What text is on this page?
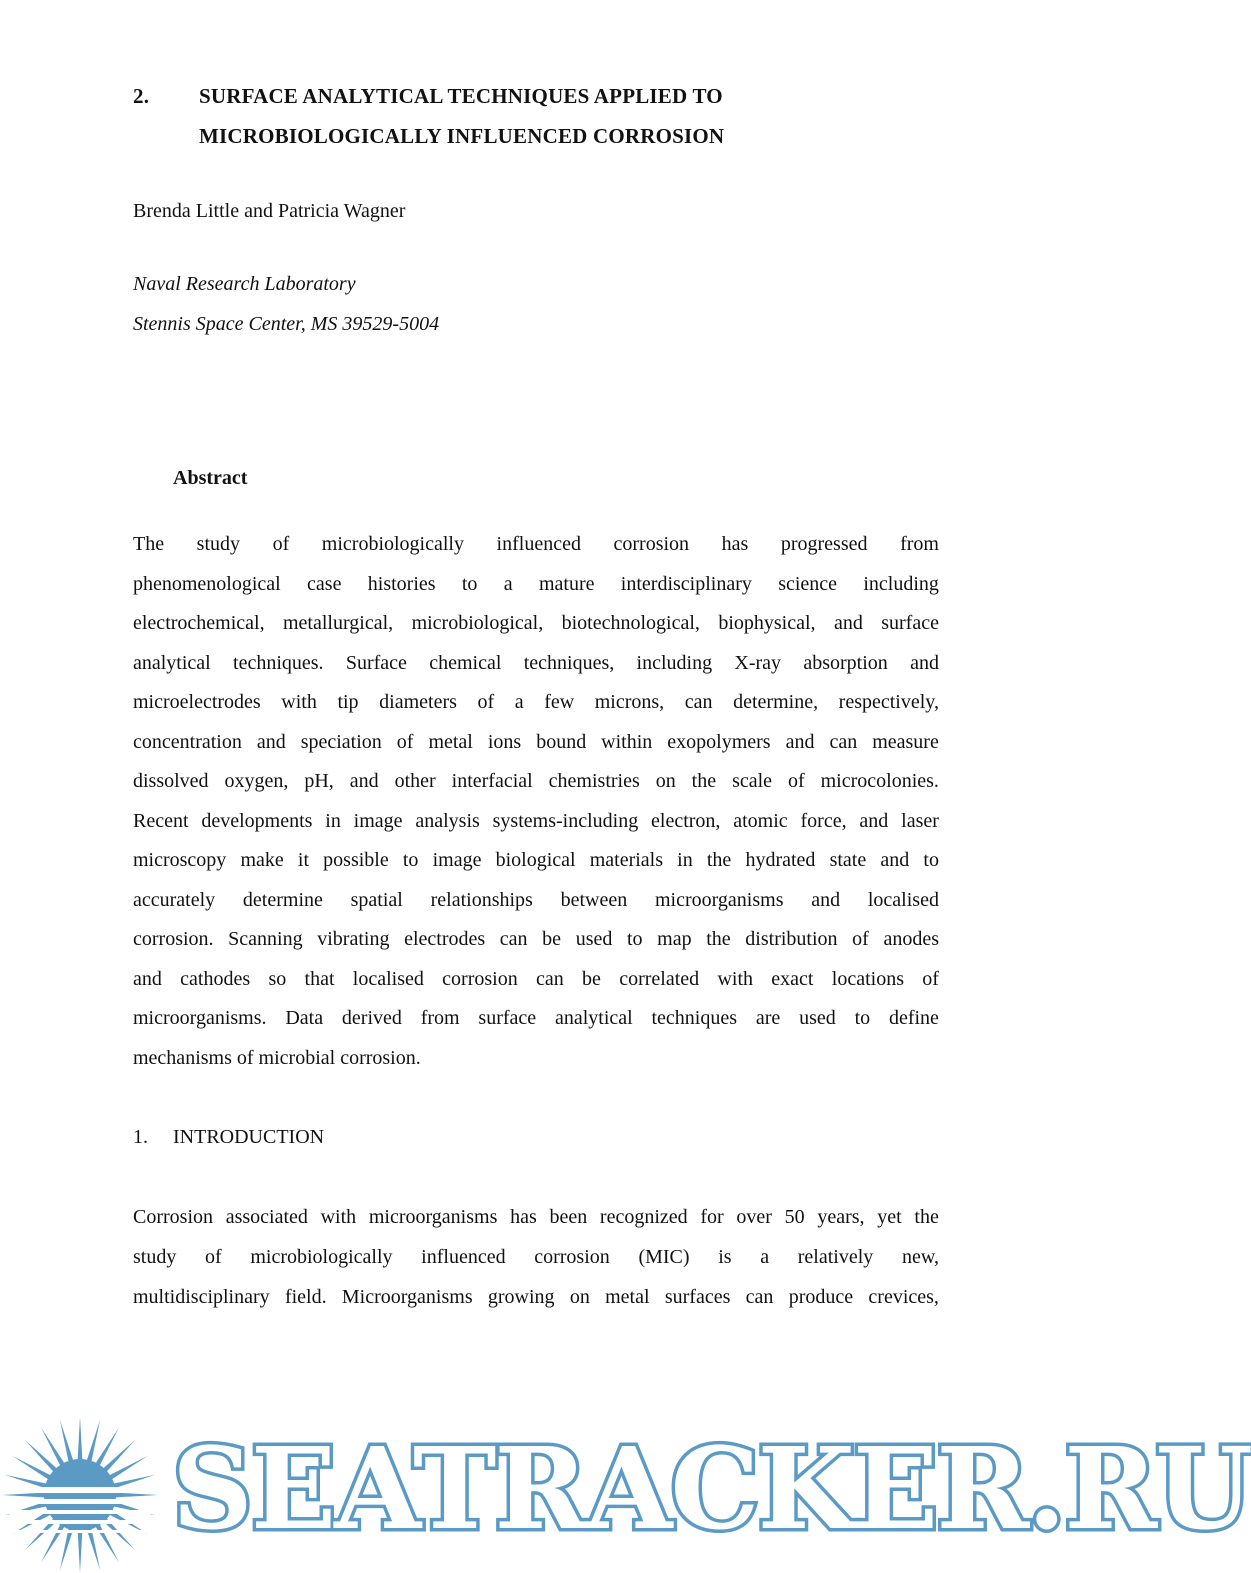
2. SURFACE ANALYTICAL TECHNIQUES APPLIED TO
MICROBIOLOGICALLY INFLUENCED CORROSION
Brenda Little and Patricia Wagner
Naval Research Laboratory
Stennis Space Center, MS 39529-5004
Abstract
The study of microbiologically influenced corrosion has progressed from
phenomenological case histories to a mature interdisciplinary science including
electrochemical, metallurgical, microbiological, biotechnological, biophysical, and surface
analytical techniques. Surface chemical techniques, including X-ray absorption and
microelectrodes with tip diameters of a few microns, can determine, respectively,
concentration and speciation of metal ions bound within exopolymers and can measure
dissolved oxygen, pH, and other interfacial chemistries on the scale of microcolonies.
Recent developments in image analysis systems-including electron, atomic force, and laser
microscopy make it possible to image biological materials in the hydrated state and to
accurately determine spatial relationships between microorganisms and localised
corrosion. Scanning vibrating electrodes can be used to map the distribution of anodes
and cathodes so that localised corrosion can be correlated with exact locations of
microorganisms. Data derived from surface analytical techniques are used to define
mechanisms of microbial corrosion.
1. INTRODUCTION
Corrosion associated with microorganisms has been recognized for over 50 years, yet the
study of microbiologically influenced corrosion (MIC) is a relatively new,
multidisciplinary field. Microorganisms growing on metal surfaces can produce crevices,
SEATRACKER.RU
